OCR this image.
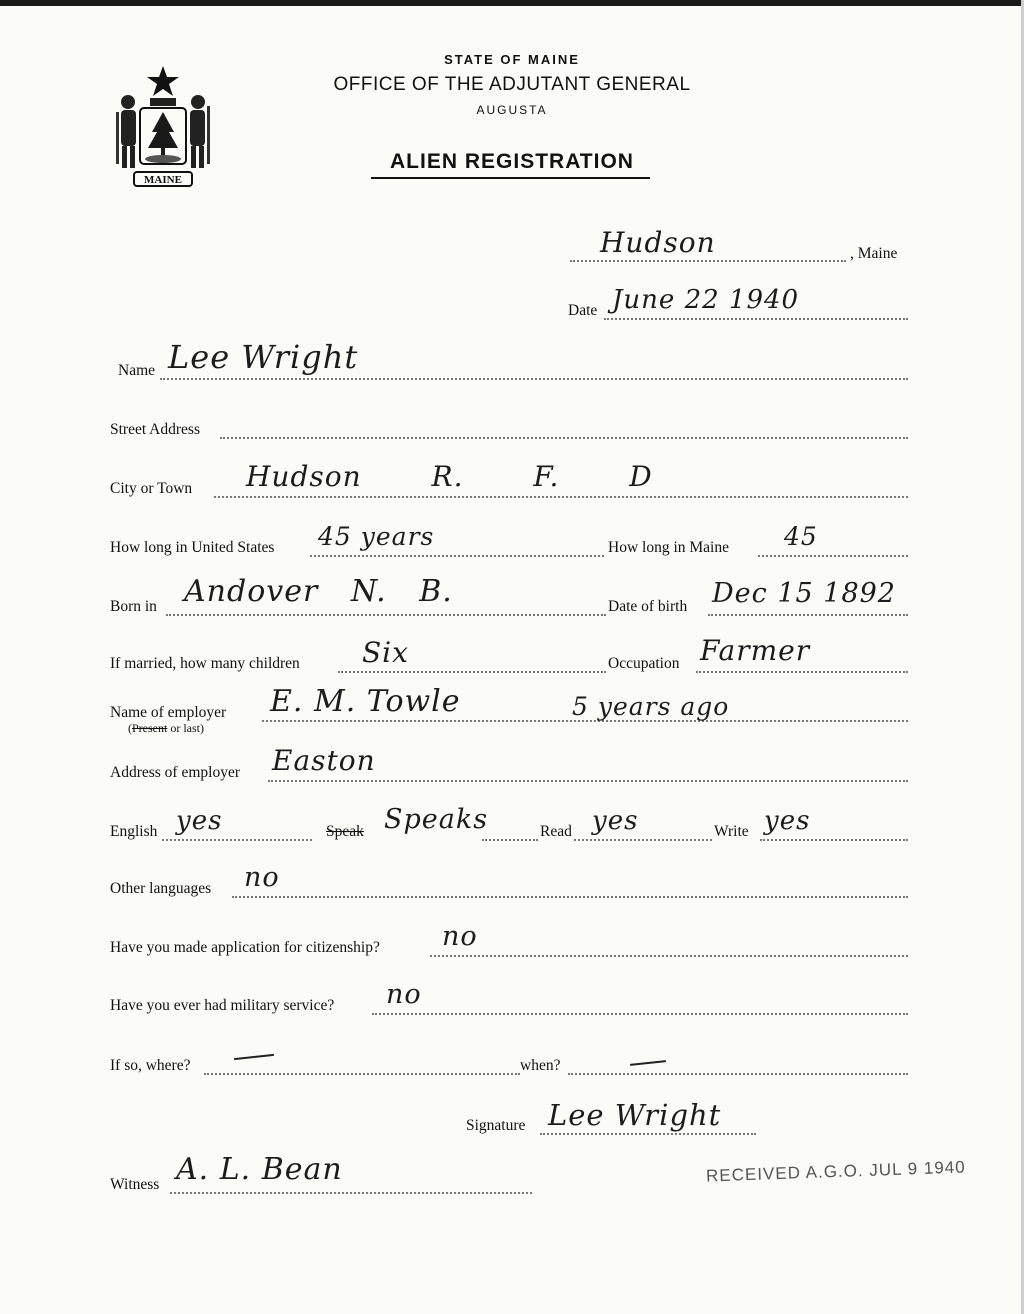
MAINE
STATE OF MAINE
OFFICE OF THE ADJUTANT GENERAL
AUGUSTA
ALIEN REGISTRATION
Hudson	, Maine
Date June 22 1940
Name Lee Wright
Street Address
City or Town Hudson R. F. D
How long in United States 45 years	How long in Maine 45
Born in Andover N. B.	Date of birth Dec 15 1892
If married, how many children Six	Occupation Farmer
Name of employer
(Present or last)
E. M. Towle	5 years ago
Address of employer Easton
English yes	Speak Speaks	Read yes	Write yes
Other languages no
Have you made application for citizenship? no
Have you ever had military service? no
If so, where?	when?
Signature Lee Wright
Witness A. L. Bean	RECEIVED A.G.O. JUL 9 1940
